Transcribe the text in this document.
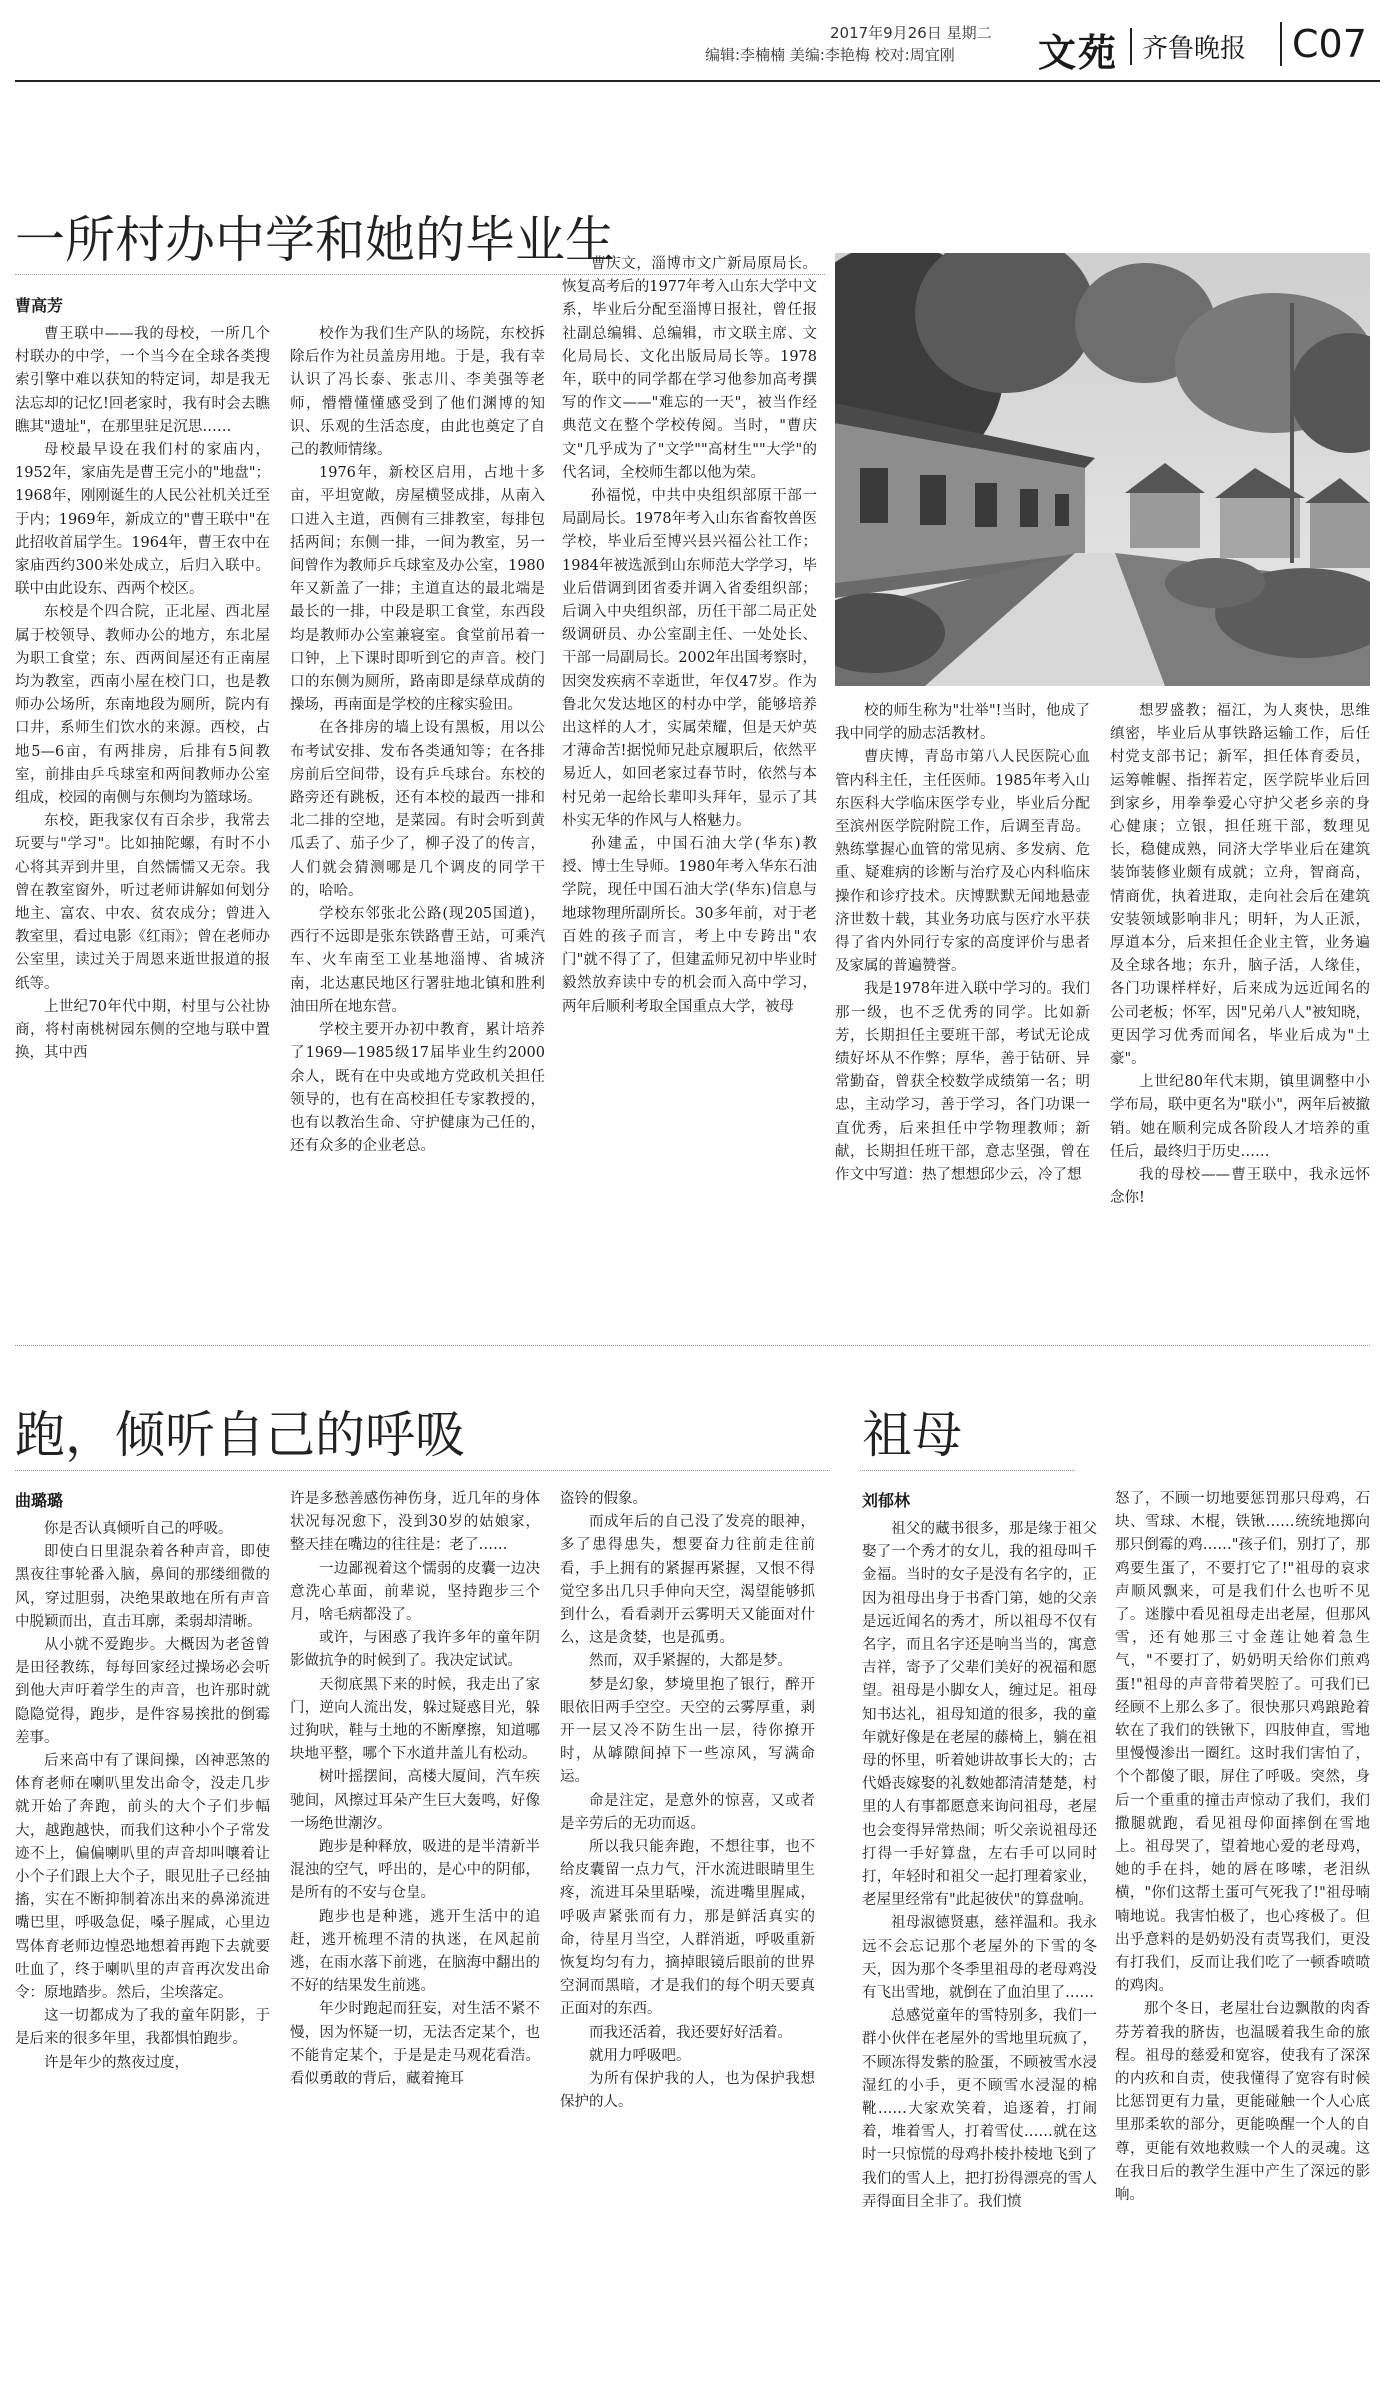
2017年9月26日 星期二
编辑:李楠楠 美编:李艳梅 校对:周宜刚 文苑 齐鲁晚报	C07
一所村办中学和她的毕业生
曹高芳

曹王联中——我的母校，一所几个村联办的中学，一个当今在全球各类搜索引擎中难以获知的特定词，却是我无法忘却的记忆!回老家时，我有时会去瞧瞧其"遗址"，在那里驻足沉思……

母校最早设在我们村的家庙内，1952年，家庙先是曹王完小的"地盘"；1968年，刚刚诞生的人民公社机关迁至于内；1969年，新成立的"曹王联中"在此招收首届学生。1964年，曹王农中在家庙西约300米处成立，后归入联中。联中由此设东、西两个校区。

东校是个四合院，正北屋、西北屋属于校领导、教师办公的地方，东北屋为职工食堂；东、西两间屋还有正南屋均为教室，西南小屋在校门口，也是教师办公场所，东南地段为厕所，院内有口井，系师生们饮水的来源。西校，占地5—6亩，有两排房，后排有5间教室，前排由乒乓球室和两间教师办公室组成，校园的南侧与东侧均为篮球场。

东校，距我家仅有百余步，我常去玩要与"学习"。比如抽陀螺，有时不小心将其弄到井里，自然懦懦又无奈。我曾在教室窗外，听过老师讲解如何划分地主、富农、中农、贫农成分；曾进入教室里，看过电影《红雨》；曾在老师办公室里，读过关于周恩来逝世报道的报纸等。

上世纪70年代中期，村里与公社协商，将村南桃树园东侧的空地与联中置换，其中西

校作为我们生产队的场院，东校拆除后作为社员盖房用地。于是，我有幸认识了冯长泰、张志川、李美强等老师，懵懵懂懂感受到了他们渊博的知识、乐观的生活态度，由此也奠定了自己的教师情缘。

1976年，新校区启用，占地十多亩，平坦宽敞，房屋横竖成排，从南入口进入主道，西侧有三排教室，每排包括两间；东侧一排，一间为教室，另一间曾作为教师乒乓球室及办公室，1980年又新盖了一排；主道直达的最北端是最长的一排，中段是职工食堂，东西段均是教师办公室兼寝室。食堂前吊着一口钟，上下课时即听到它的声音。校门口的东侧为厕所，路南即是绿草成荫的操场，再南面是学校的庄稼实验田。

在各排房的墙上设有黑板，用以公布考试安排、发布各类通知等；在各排房前后空间带，设有乒乓球台。东校的路旁还有跳板，还有本校的最西一排和北二排的空地，是菜园。有时会听到黄瓜丢了、茄子少了，柳子没了的传言，人们就会猜测哪是几个调皮的同学干的，哈哈。

学校东邻张北公路(现205国道)，西行不远即是张东铁路曹王站，可乘汽车、火车南至工业基地淄博、省城济南，北达惠民地区行署驻地北镇和胜利油田所在地东营。

学校主要开办初中教育，累计培养了1969—1985级17届毕业生约2000余人，既有在中央或地方党政机关担任领导的，也有在高校担任专家教授的，也有以教治生命、守护健康为己任的，还有众多的企业老总。

曹庆文，淄博市文广新局原局长。恢复高考后的1977年考入山东大学中文系，毕业后分配至淄博日报社，曾任报社副总编辑、总编辑，市文联主席、文化局局长、文化出版局局长等。1978年，联中的同学都在学习他参加高考撰写的作文——"难忘的一天"，被当作经典范文在整个学校传阅。当时，"曹庆文"几乎成为了"文学""高材生""大学"的代名词，全校师生都以他为荣。

孙福悦，中共中央组织部原干部一局副局长。1978年考入山东省畜牧兽医学校，毕业后至博兴县兴福公社工作；1984年被选派到山东师范大学学习，毕业后借调到团省委并调入省委组织部；后调入中央组织部，历任干部二局正处级调研员、办公室副主任、一处处长、干部一局副局长。2002年出国考察时，因突发疾病不幸逝世，年仅47岁。作为鲁北欠发达地区的村办中学，能够培养出这样的人才，实属荣耀，但是天炉英才薄命苦!据悦师兄赴京履职后，依然平易近人，如回老家过春节时，依然与本村兄弟一起给长辈叩头拜年，显示了其朴实无华的作风与人格魅力。

孙建孟，中国石油大学(华东)教授、博士生导师。1980年考入华东石油学院，现任中国石油大学(华东)信息与地球物理所副所长。30多年前，对于老百姓的孩子而言，考上中专跨出"农门"就不得了了，但建孟师兄初中毕业时毅然放弃读中专的机会而入高中学习，两年后顺利考取全国重点大学，被母

校的师生称为"壮举"!当时，他成了我中同学的励志活教材。

曹庆博，青岛市第八人民医院心血管内科主任，主任医师。1985年考入山东医科大学临床医学专业，毕业后分配至滨州医学院附院工作，后调至青岛。熟练掌握心血管的常见病、多发病、危重、疑难病的诊断与治疗及心内科临床操作和诊疗技术。庆博默默无闻地悬壶济世数十载，其业务功底与医疗水平获得了省内外同行专家的高度评价与患者及家属的普遍赞誉。

我是1978年进入联中学习的。我们那一级，也不乏优秀的同学。比如新芳，长期担任主要班干部，考试无论成绩好坏从不作弊；厚华，善于钻研、异常勤奋，曾获全校数学成绩第一名；明忠，主动学习，善于学习，各门功课一直优秀，后来担任中学物理教师；新献，长期担任班干部，意志坚强，曾在作文中写道：热了想想邱少云，冷了想

想罗盛教；福江，为人爽快，思维缜密，毕业后从事铁路运输工作，后任村党支部书记；新军，担任体育委员，运筹帷幄、指挥若定，医学院毕业后回到家乡，用拳拳爱心守护父老乡亲的身心健康；立银，担任班干部，数理见长，稳健成熟，同济大学毕业后在建筑装饰装修业颇有成就；立舟，智商高，情商优，执着进取，走向社会后在建筑安装领域影响非凡；明轩，为人正派，厚道本分，后来担任企业主管，业务遍及全球各地；东升，脑子活，人缘佳，各门功课样样好，后来成为远近闻名的公司老板；怀军，因"兄弟八人"被知晓，更因学习优秀而闻名，毕业后成为"土豪"。

上世纪80年代末期，镇里调整中小学布局，联中更名为"联小"，两年后被撤销。她在顺利完成各阶段人才培养的重任后，最终归于历史……

我的母校——曹王联中，我永远怀念你!

跑，倾听自己的呼吸
曲璐璐

你是否认真倾听自己的呼吸。

即使白日里混杂着各种声音，即使黑夜往事轮番入脑，鼻间的那缕细微的风，穿过胆弱，决绝果敢地在所有声音中脱颖而出，直击耳廓，柔弱却清晰。

从小就不爱跑步。大概因为老爸曾是田径教练，每每回家经过操场必会听到他大声吁着学生的声音，也许那时就隐隐觉得，跑步，是件容易挨批的倒霉差事。

后来高中有了课间操，凶神恶煞的体育老师在喇叭里发出命令，没走几步就开始了奔跑，前头的大个子们步幅大，越跑越快，而我们这种小个子常发迹不上，偏偏喇叭里的声音却叫嚷着让小个子们跟上大个子，眼见肚子已经抽搐，实在不断抑制着冻出来的鼻涕流进嘴巴里，呼吸急促，嗓子腥咸，心里边骂体育老师边惶恐地想着再跑下去就要吐血了，终于喇叭里的声音再次发出命令：原地踏步。然后，尘埃落定。

这一切都成为了我的童年阴影，于是后来的很多年里，我都惧怕跑步。

许是年少的熬夜过度，

许是多愁善感伤神伤身，近几年的身体状况每况愈下，没到30岁的姑娘家，整天挂在嘴边的往往是：老了……

一边鄙视着这个懦弱的皮囊一边决意洗心革面，前辈说，坚持跑步三个月，啥毛病都没了。

或许，与困惑了我许多年的童年阴影做抗争的时候到了。我决定试试。

天彻底黑下来的时候，我走出了家门，逆向人流出发，躲过疑惑目光，躲过狗吠，鞋与土地的不断摩擦，知道哪块地平整，哪个下水道井盖儿有松动。

树叶摇摆间，高楼大厦间，汽车疾驰间，风擦过耳朵产生巨大轰鸣，好像一场绝世潮汐。

跑步是种释放，吸进的是半清新半混浊的空气，呼出的，是心中的阴郁，是所有的不安与仓皇。

跑步也是种逃，逃开生活中的追赶，逃开梳理不清的执迷，在风起前逃，在雨水落下前逃，在脑海中翻出的不好的结果发生前逃。

年少时跑起而狂妄，对生活不紧不慢，因为怀疑一切，无法否定某个，也不能肯定某个，于是是走马观花看浩。看似勇敢的背后，藏着掩耳

盗铃的假象。

而成年后的自己没了发亮的眼神，多了患得患失，想要奋力往前走往前看，手上拥有的紧握再紧握，又恨不得觉空多出几只手伸向天空，渴望能够抓到什么，看看剥开云雾明天又能面对什么，这是贪婪，也是孤勇。

然而，双手紧握的，大都是梦。

梦是幻象，梦境里抱了银行，醉开眼依旧两手空空。天空的云雾厚重，剥开一层又冷不防生出一层，待你撩开时，从罅隙间掉下一些凉风，写满命运。

命是注定，是意外的惊喜，又或者是辛劳后的无功而返。

所以我只能奔跑，不想往事，也不给皮囊留一点力气，汗水流进眼睛里生疼，流进耳朵里聒噪，流进嘴里腥咸，呼吸声紧张而有力，那是鲜活真实的命，待星月当空，人群消逝，呼吸重新恢复均匀有力，摘掉眼镜后眼前的世界空洞而黑暗，才是我们的每个明天要真正面对的东西。

而我还活着，我还要好好活着。

就用力呼吸吧。

为所有保护我的人，也为保护我想保护的人。

祖母
刘郁林

祖父的藏书很多，那是缘于祖父娶了一个秀才的女儿，我的祖母叫千金福。当时的女子是没有名字的，正因为祖母出身于书香门第，她的父亲是远近闻名的秀才，所以祖母不仅有名字，而且名字还是响当当的，寓意吉祥，寄予了父辈们美好的祝福和愿望。祖母是小脚女人，缠过足。祖母知书达礼，祖母知道的很多，我的童年就好像是在老屋的藤椅上，躺在祖母的怀里，听着她讲故事长大的；古代婚丧嫁娶的礼数她都清清楚楚，村里的人有事都愿意来询问祖母，老屋也会变得异常热闹；听父亲说祖母还打得一手好算盘，左右手可以同时打，年轻时和祖父一起打理着家业，老屋里经常有"此起彼伏"的算盘响。

祖母淑德贤惠，慈祥温和。我永远不会忘记那个老屋外的下雪的冬天，因为那个冬季里祖母的老母鸡没有飞出雪地，就倒在了血泊里了……

总感觉童年的雪特别多，我们一群小伙伴在老屋外的雪地里玩疯了，不顾冻得发紫的脸蛋，不顾被雪水浸湿红的小手，更不顾雪水浸湿的棉靴……大家欢笑着，追逐着，打闹着，堆着雪人，打着雪仗……就在这时一只惊慌的母鸡扑棱扑棱地飞到了我们的雪人上，把打扮得漂亮的雪人弄得面目全非了。我们愤

怒了，不顾一切地要惩罚那只母鸡，石块、雪球、木棍，铁锹……统统地掷向那只倒霉的鸡……"孩子们，别打了，那鸡要生蛋了，不要打它了!"祖母的哀求声顺风飘来，可是我们什么也听不见了。迷朦中看见祖母走出老屋，但那风雪，还有她那三寸金莲让她着急生气，"不要打了，奶奶明天给你们煎鸡蛋!"祖母的声音带着哭腔了。可我们已经顾不上那么多了。很快那只鸡踉跄着软在了我们的铁锹下，四肢伸直，雪地里慢慢渗出一圈红。这时我们害怕了，个个都傻了眼，屏住了呼吸。突然，身后一个重重的撞击声惊动了我们，我们撒腿就跑，看见祖母仰面摔倒在雪地上。祖母哭了，望着地心爱的老母鸡，她的手在抖，她的唇在哆嗦，老泪纵横，"你们这帮土蛋可气死我了!"祖母喃喃地说。我害怕极了，也心疼极了。但出乎意料的是奶奶没有责骂我们，更没有打我们，反而让我们吃了一顿香喷喷的鸡肉。

那个冬日，老屋壮台边飘散的肉香芬芳着我的脐齿，也温暖着我生命的旅程。祖母的慈爱和宽容，使我有了深深的内疚和自责，使我懂得了宽容有时候比惩罚更有力量，更能碰触一个人心底里那柔软的部分，更能唤醒一个人的自尊，更能有效地救赎一个人的灵魂。这在我日后的教学生涯中产生了深远的影响。
